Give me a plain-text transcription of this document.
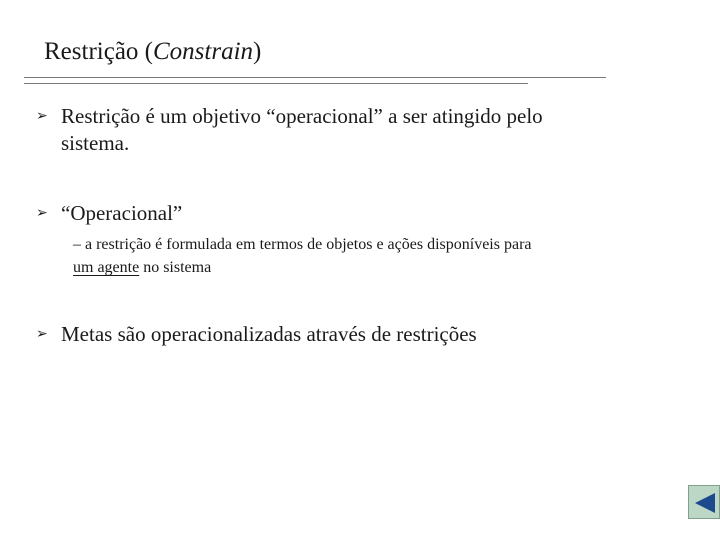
Restrição (Constrain)
➢ Restrição é um objetivo “operacional” a ser atingido pelo
sistema.
➢ “Operacional”
– a restrição é formulada em termos de objetos e ações disponíveis para
um agente no sistema
➢ Metas são operacionalizadas através de restrições
